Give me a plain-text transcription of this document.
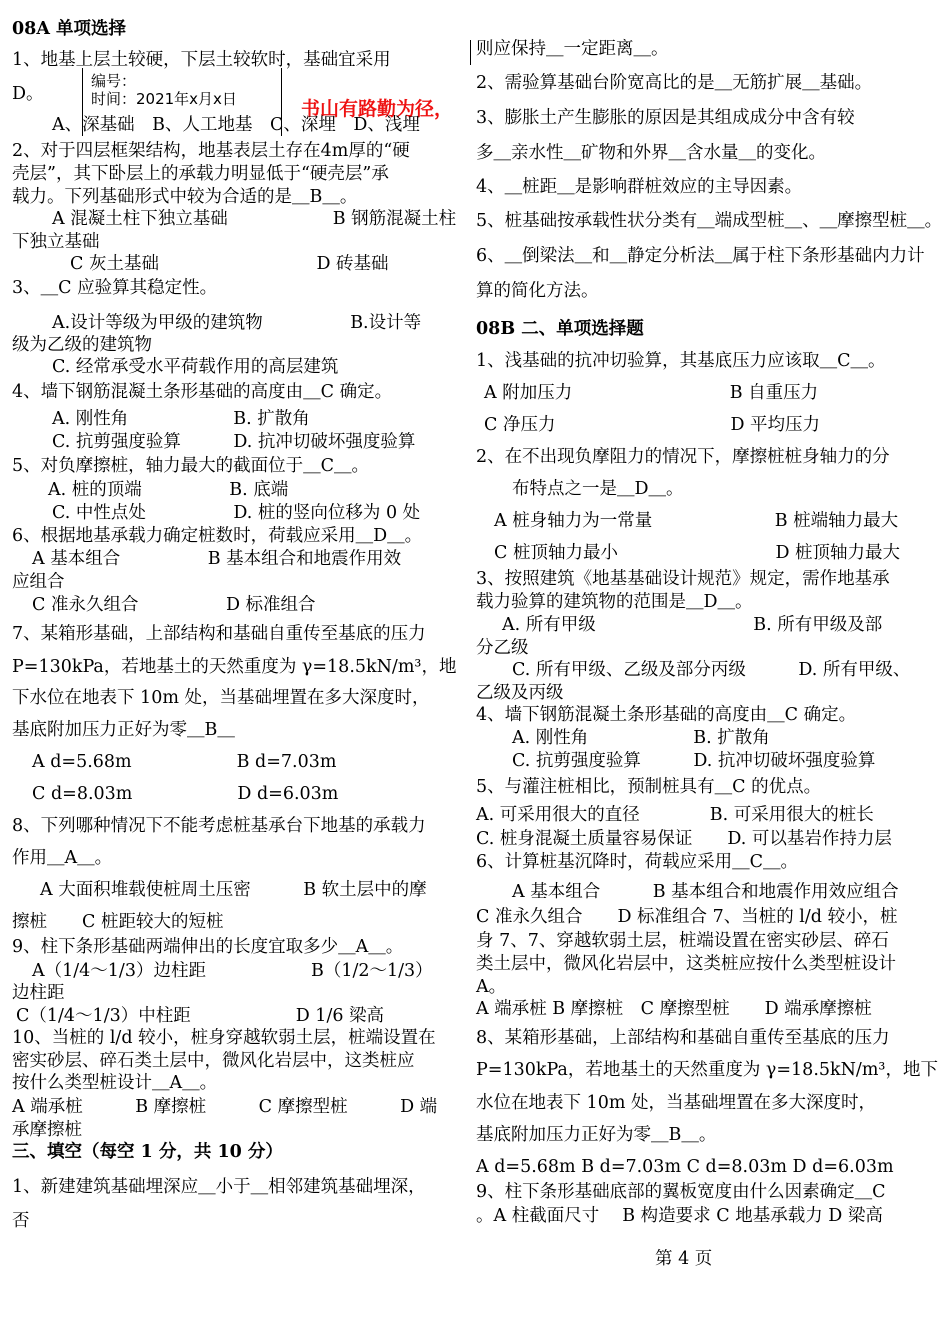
编号：
时间：2021年x月x日	书山有路勤为径，
08A 单项选择
1、地基上层土较硬，下层土较软时，基础宜采用
D。
A、深基础　B、人工地基　C、深埋　D、浅埋
2、对于四层框架结构，地基表层土存在4m厚的“硬
壳层”，其下卧层上的承载力明显低于“硬壳层”承
载力。下列基础形式中较为合适的是＿B＿。
A 混凝土柱下独立基础　　　　　　B 钢筋混凝土柱
下独立基础
C 灰土基础　　　　　　　　　D 砖基础
3、＿C 应验算其稳定性。
A.设计等级为甲级的建筑物　　　　　B.设计等
级为乙级的建筑物
C. 经常承受水平荷载作用的高层建筑
4、墙下钢筋混凝土条形基础的高度由＿C 确定。
A. 刚性角　　　　　　B. 扩散角
C. 抗剪强度验算　　　D. 抗冲切破坏强度验算
5、对负摩擦桩，轴力最大的截面位于＿C＿。
A. 桩的顶端　　　　　B. 底端
C. 中性点处　　　　　D. 桩的竖向位移为 0 处
6、根据地基承载力确定桩数时，荷载应采用＿D＿。
A 基本组合　　　　　B 基本组合和地震作用效
应组合
C 准永久组合　　　　　D 标准组合
7、某箱形基础，上部结构和基础自重传至基底的压力
P=130kPa，若地基土的天然重度为 γ=18.5kN/m³，地
下水位在地表下 10m 处，当基础埋置在多大深度时，
基底附加压力正好为零＿B＿
A d=5.68m　　　　　　B d=7.03m
C d=8.03m　　　　　　D d=6.03m
8、下列哪种情况下不能考虑桩基承台下地基的承载力
作用＿A＿。
A 大面积堆载使桩周土压密　　　B 软土层中的摩
擦桩　　C 桩距较大的短桩
9、柱下条形基础两端伸出的长度宜取多少＿A＿。
A（1/4～1/3）边柱距　　　　　　B（1/2～1/3）
边柱距
C（1/4～1/3）中柱距　　　　　　D 1/6 梁高
10、当桩的 l/d 较小，桩身穿越软弱土层，桩端设置在
密实砂层、碎石类土层中，微风化岩层中，这类桩应
按什么类型桩设计＿A＿。
A 端承桩　　　B 摩擦桩　　　C 摩擦型桩　　　D 端
承摩擦桩
三、填空（每空 1 分，共 10 分）
1、新建建筑基础埋深应＿小于＿相邻建筑基础埋深，
否
则应保持＿一定距离＿。
2、需验算基础台阶宽高比的是＿无筋扩展＿基础。
3、膨胀土产生膨胀的原因是其组成成分中含有较
多＿亲水性＿矿物和外界＿含水量＿的变化。
4、＿桩距＿是影响群桩效应的主导因素。
5、桩基础按承载性状分类有＿端成型桩＿、＿摩擦型桩＿。
6、＿倒梁法＿和＿静定分析法＿属于柱下条形基础内力计
算的简化方法。
08B 二、单项选择题
1、浅基础的抗冲切验算，其基底压力应该取＿C＿。
A 附加压力　　　　　　　　　B 自重压力
C 净压力　　　　　　　　　　D 平均压力
2、在不出现负摩阻力的情况下，摩擦桩桩身轴力的分
布特点之一是＿D＿。
A 桩身轴力为一常量　　　　　　　B 桩端轴力最大
C 桩顶轴力最小　　　　　　　　　D 桩顶轴力最大
3、按照建筑《地基基础设计规范》规定，需作地基承
载力验算的建筑物的范围是＿D＿。
A. 所有甲级　　　　　　　　　B. 所有甲级及部
分乙级
C. 所有甲级、乙级及部分丙级　　　D. 所有甲级、
乙级及丙级
4、墙下钢筋混凝土条形基础的高度由＿C 确定。
A. 刚性角　　　　　　B. 扩散角
C. 抗剪强度验算　　　D. 抗冲切破坏强度验算
5、与灌注桩相比，预制桩具有＿C 的优点。
A. 可采用很大的直径　　　　B. 可采用很大的桩长
C. 桩身混凝土质量容易保证　　D. 可以基岩作持力层
6、计算桩基沉降时，荷载应采用＿C＿。
A 基本组合　　　B 基本组合和地震作用效应组合
C 准永久组合　　D 标准组合 7、当桩的 l/d 较小，桩
身 7、7、穿越软弱土层，桩端设置在密实砂层、碎石
类土层中，微风化岩层中，这类桩应按什么类型桩设计
A。
A 端承桩 B 摩擦桩　C 摩擦型桩　　D 端承摩擦桩
8、某箱形基础，上部结构和基础自重传至基底的压力
P=130kPa，若地基土的天然重度为 γ=18.5kN/m³，地下
水位在地表下 10m 处，当基础埋置在多大深度时，
基底附加压力正好为零＿B＿。
A d=5.68m B d=7.03m C d=8.03m D d=6.03m
9、柱下条形基础底部的翼板宽度由什么因素确定＿C
。A 柱截面尺寸　 B 构造要求 C 地基承载力 D 梁高
第 4 页
